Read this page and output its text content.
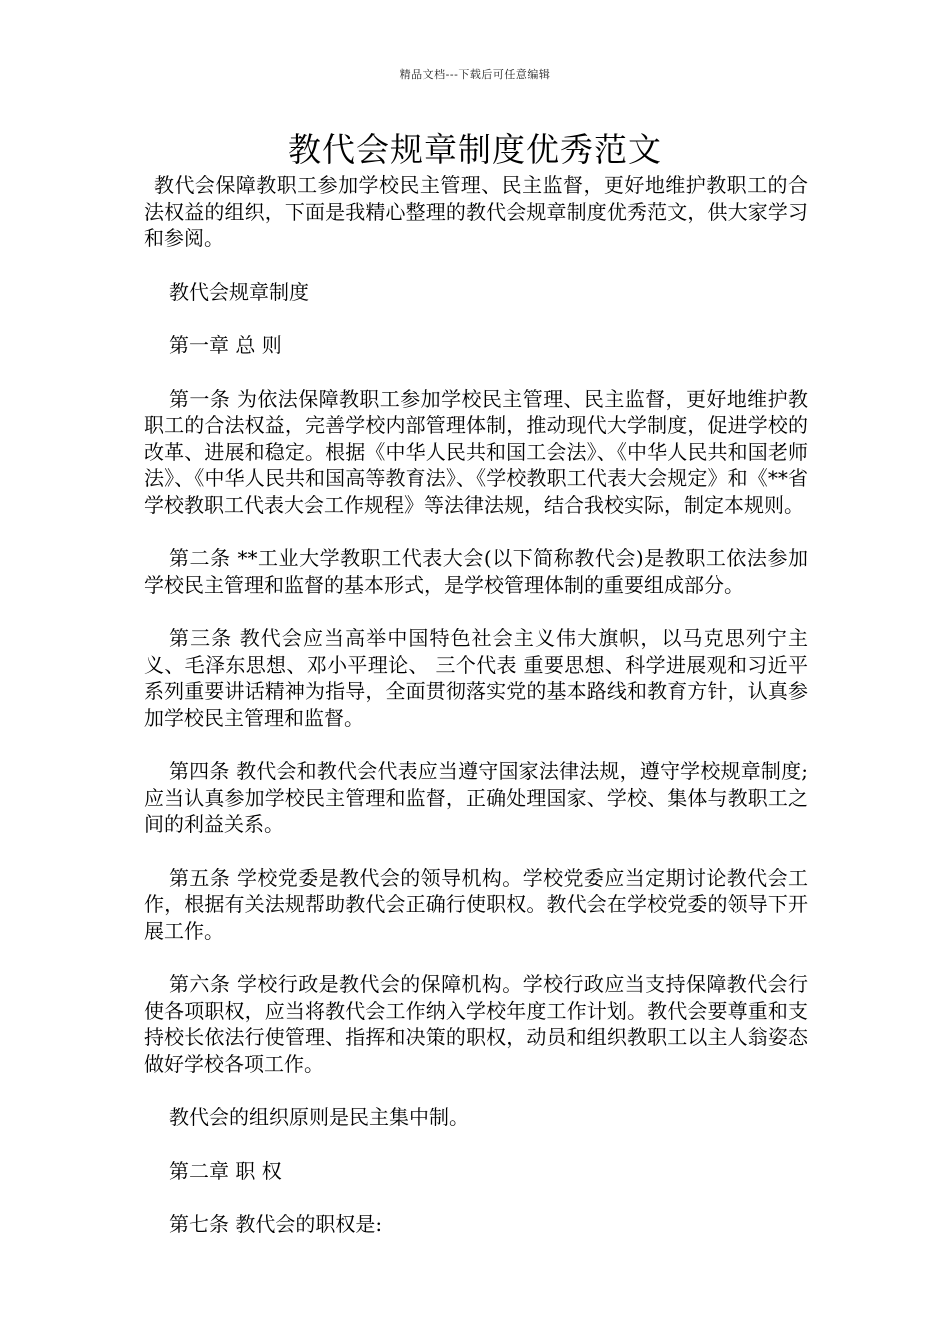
精品文档---下载后可任意编辑
教代会规章制度优秀范文

教代会保障教职工参加学校民主管理、民主监督，更好地维护教职工的合法权益的组织，下面是我精心整理的教代会规章制度优秀范文，供大家学习和参阅。

教代会规章制度

第一章 总 则

第一条 为依法保障教职工参加学校民主管理、民主监督，更好地维护教职工的合法权益，完善学校内部管理体制，推动现代大学制度，促进学校的改革、进展和稳定。根据《中华人民共和国工会法》、《中华人民共和国老师法》、《中华人民共和国高等教育法》、《学校教职工代表大会规定》和《**省学校教职工代表大会工作规程》等法律法规，结合我校实际，制定本规则。

第二条 **工业大学教职工代表大会(以下简称教代会)是教职工依法参加学校民主管理和监督的基本形式，是学校管理体制的重要组成部分。

第三条 教代会应当高举中国特色社会主义伟大旗帜，以马克思列宁主义、毛泽东思想、邓小平理论、 三个代表 重要思想、科学进展观和习近平系列重要讲话精神为指导，全面贯彻落实党的基本路线和教育方针，认真参加学校民主管理和监督。

第四条 教代会和教代会代表应当遵守国家法律法规，遵守学校规章制度;应当认真参加学校民主管理和监督，正确处理国家、学校、集体与教职工之间的利益关系。

第五条 学校党委是教代会的领导机构。学校党委应当定期讨论教代会工作，根据有关法规帮助教代会正确行使职权。教代会在学校党委的领导下开展工作。

第六条 学校行政是教代会的保障机构。学校行政应当支持保障教代会行使各项职权，应当将教代会工作纳入学校年度工作计划。教代会要尊重和支持校长依法行使管理、指挥和决策的职权，动员和组织教职工以主人翁姿态做好学校各项工作。

教代会的组织原则是民主集中制。

第二章 职 权

第七条 教代会的职权是:
